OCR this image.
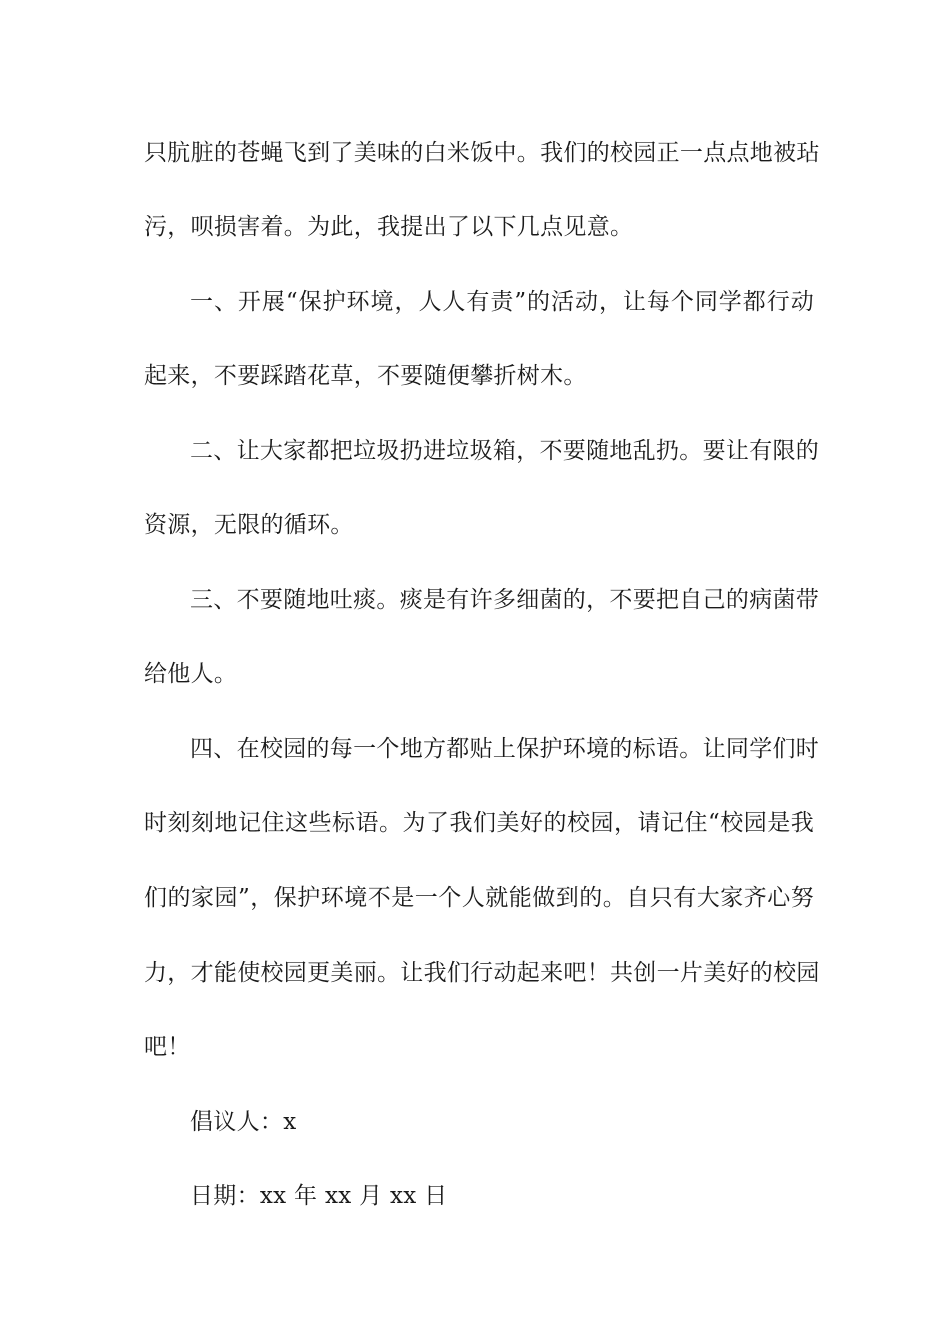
只肮脏的苍蝇飞到了美味的白米饭中。我们的校园正一点点地被玷
污，呗损害着。为此，我提出了以下几点见意。
一、开展“保护环境，人人有责”的活动，让每个同学都行动
起来，不要踩踏花草，不要随便攀折树木。
二、让大家都把垃圾扔进垃圾箱，不要随地乱扔。要让有限的
资源，无限的循环。
三、不要随地吐痰。痰是有许多细菌的，不要把自己的病菌带
给他人。
四、在校园的每一个地方都贴上保护环境的标语。让同学们时
时刻刻地记住这些标语。为了我们美好的校园，请记住“校园是我
们的家园”，保护环境不是一个人就能做到的。自只有大家齐心努
力，才能使校园更美丽。让我们行动起来吧！共创一片美好的校园
吧！
倡议人：x
日期：xx 年 xx 月 xx 日
